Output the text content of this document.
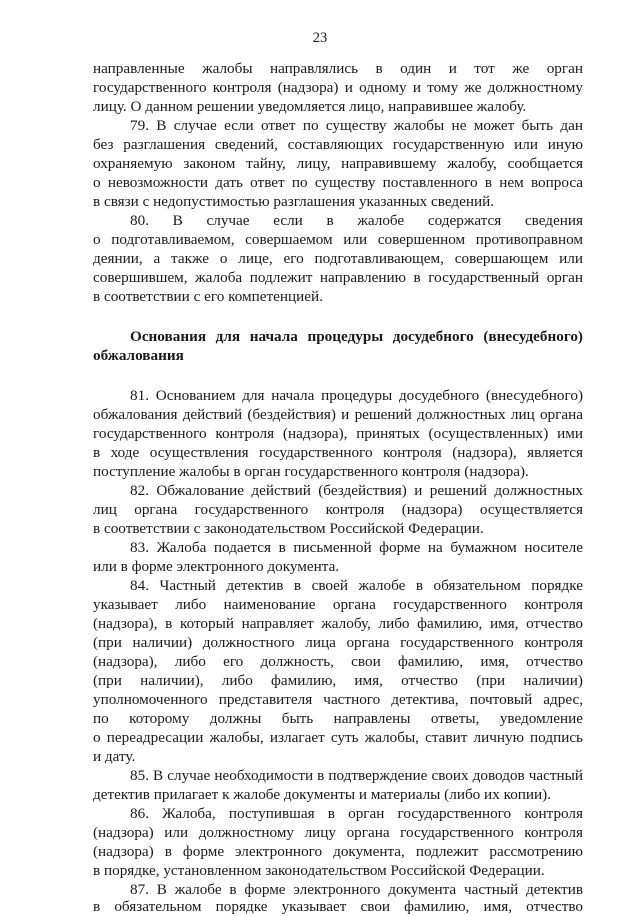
23
направленные жалобы направлялись в один и тот же орган
государственного контроля (надзора) и одному и тому же должностному
лицу. О данном решении уведомляется лицо, направившее жалобу.
79. В случае если ответ по существу жалобы не может быть дан
без разглашения сведений, составляющих государственную или иную
охраняемую законом тайну, лицу, направившему жалобу, сообщается
о невозможности дать ответ по существу поставленного в нем вопроса
в связи с недопустимостью разглашения указанных сведений.
80. В случае если в жалобе содержатся сведения
о подготавливаемом, совершаемом или совершенном противоправном
деянии, а также о лице, его подготавливающем, совершающем или
совершившем, жалоба подлежит направлению в государственный орган
в соответствии с его компетенцией.
Основания для начала процедуры досудебного (внесудебного)
обжалования
81. Основанием для начала процедуры досудебного (внесудебного)
обжалования действий (бездействия) и решений должностных лиц органа
государственного контроля (надзора), принятых (осуществленных) ими
в ходе осуществления государственного контроля (надзора), является
поступление жалобы в орган государственного контроля (надзора).
82. Обжалование действий (бездействия) и решений должностных
лиц органа государственного контроля (надзора) осуществляется
в соответствии с законодательством Российской Федерации.
83. Жалоба подается в письменной форме на бумажном носителе
или в форме электронного документа.
84. Частный детектив в своей жалобе в обязательном порядке
указывает либо наименование органа государственного контроля
(надзора), в который направляет жалобу, либо фамилию, имя, отчество
(при наличии) должностного лица органа государственного контроля
(надзора), либо его должность, свои фамилию, имя, отчество
(при наличии), либо фамилию, имя, отчество (при наличии)
уполномоченного представителя частного детектива, почтовый адрес,
по которому должны быть направлены ответы, уведомление
о переадресации жалобы, излагает суть жалобы, ставит личную подпись
и дату.
85. В случае необходимости в подтверждение своих доводов частный
детектив прилагает к жалобе документы и материалы (либо их копии).
86. Жалоба, поступившая в орган государственного контроля
(надзора) или должностному лицу органа государственного контроля
(надзора) в форме электронного документа, подлежит рассмотрению
в порядке, установленном законодательством Российской Федерации.
87. В жалобе в форме электронного документа частный детектив
в обязательном порядке указывает свои фамилию, имя, отчество
